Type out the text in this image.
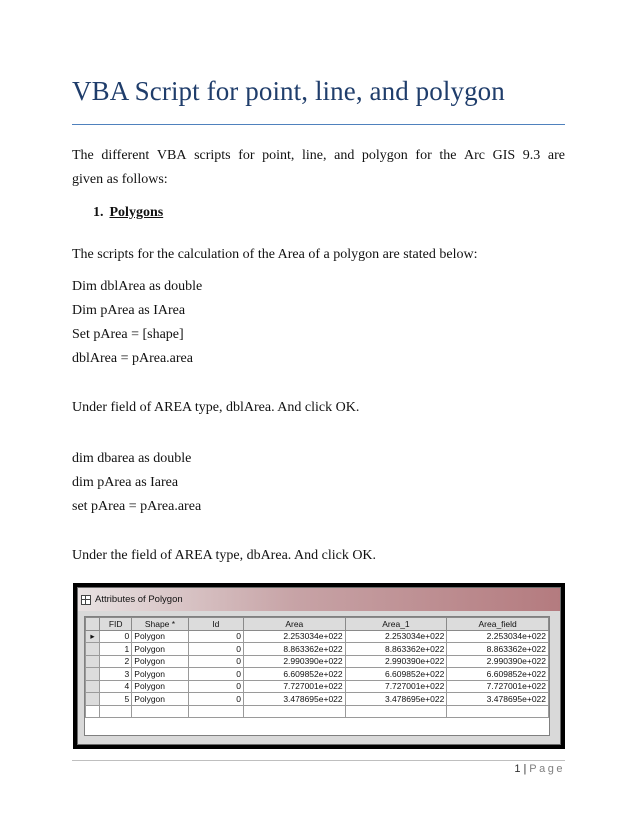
VBA Script for point, line, and polygon
The different VBA scripts for point, line, and polygon for the Arc GIS 9.3 are
given as follows:
1. Polygons
The scripts for the calculation of the Area of a polygon are stated below:
Dim dblArea as double
Dim pArea as IArea
Set pArea = [shape]
dblArea = pArea.area
Under field of AREA type, dblArea. And click OK.
dim dbarea as double
dim pArea as Iarea
set pArea = pArea.area
Under the field of AREA type, dbArea. And click OK.
Attributes of Polygon
	FID	Shape *	Id	Area	Area_1	Area_field
▸	0	Polygon	0	2.253034e+022	2.253034e+022	2.253034e+022
	1	Polygon	0	8.863362e+022	8.863362e+022	8.863362e+022
	2	Polygon	0	2.990390e+022	2.990390e+022	2.990390e+022
	3	Polygon	0	6.609852e+022	6.609852e+022	6.609852e+022
	4	Polygon	0	7.727001e+022	7.727001e+022	7.727001e+022
	5	Polygon	0	3.478695e+022	3.478695e+022	3.478695e+022

1 | Page
